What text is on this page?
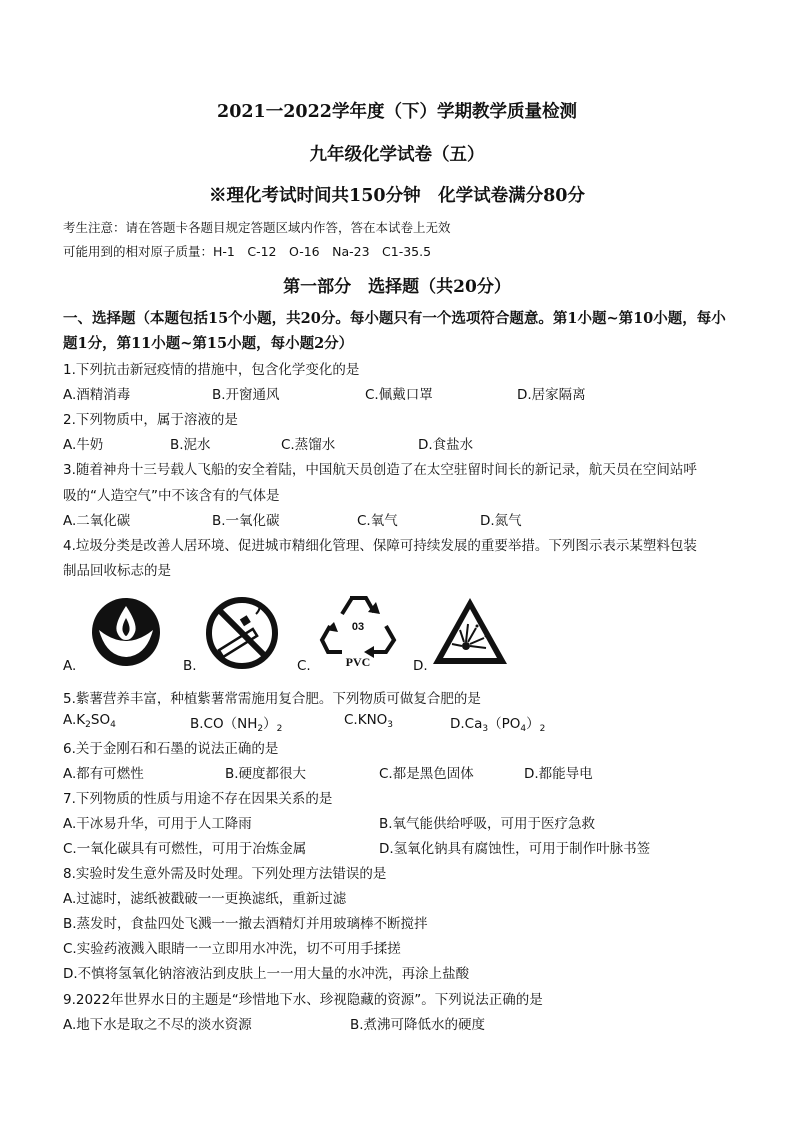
2021一2022学年度（下）学期教学质量检测
九年级化学试卷（五）
※理化考试时间共150分钟　化学试卷满分80分
考生注意：请在答题卡各题目规定答题区域内作答，答在本试卷上无效
可能用到的相对原子质量：H-1　C-12　O-16　Na-23　C1-35.5
第一部分　选择题（共20分）
一、选择题（本题包括15个小题，共20分。每小题只有一个选项符合题意。第1小题~第10小题，每小题1分，第11小题~第15小题，每小题2分）
1.下列抗击新冠疫情的措施中，包含化学变化的是
A.酒精消毒	B.开窗通风	C.佩戴口罩	D.居家隔离
2.下列物质中，属于溶液的是
A.牛奶	B.泥水	C.蒸馏水	D.食盐水
3.随着神舟十三号载人飞船的安全着陆，中国航天员创造了在太空驻留时间长的新记录，航天员在空间站呼
吸的“人造空气”中不该含有的气体是
A.二氧化碳	B.一氧化碳	C.氧气	D.氮气
4.垃圾分类是改善人居环境、促进城市精细化管理、保障可持续发展的重要举措。下列图示表示某塑料包装
制品回收标志的是
A.	B.	C.
03
PVC	D.
5.紫薯营养丰富，种植紫薯常需施用复合肥。下列物质可做复合肥的是
$A.K_2SO_4$	$B.CO(NH_2)_2$
$C.KNO_3$	$D.Ca_3(PO_4)_2$
6.关于金刚石和石墨的说法正确的是
A.都有可燃性	B.硬度都很大	C.都是黑色固体	D.都能导电
7.下列物质的性质与用途不存在因果关系的是
A.干冰易升华，可用于人工降雨	B.氧气能供给呼吸，可用于医疗急救
C.一氧化碳具有可燃性，可用于冶炼金属	D.氢氧化钠具有腐蚀性，可用于制作叶脉书签
8.实验时发生意外需及时处理。下列处理方法错误的是
A.过滤时，滤纸被戳破一一更换滤纸，重新过滤
B.蒸发时，食盐四处飞溅一一撤去酒精灯并用玻璃棒不断搅拌
C.实验药液溅入眼睛一一立即用水冲洗，切不可用手揉搓
D.不慎将氢氧化钠溶液沾到皮肤上一一用大量的水冲洗，再涂上盐酸
9.2022年世界水日的主题是“珍惜地下水、珍视隐藏的资源”。下列说法正确的是
A.地下水是取之不尽的淡水资源	B.煮沸可降低水的硬度
